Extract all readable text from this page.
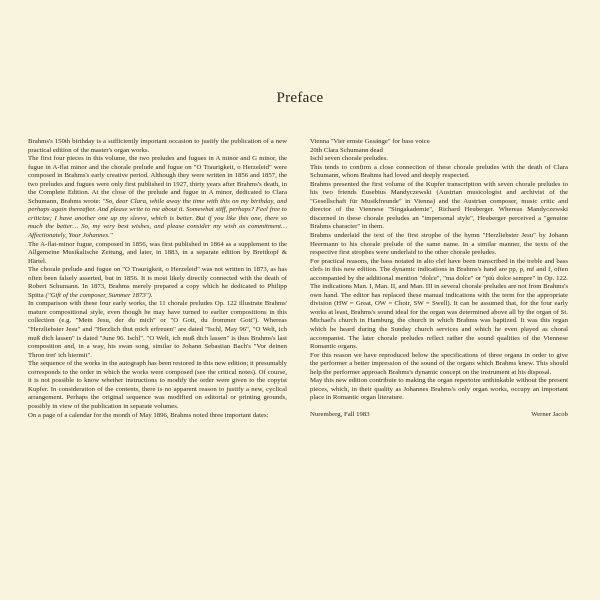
Preface

Brahms's 150th birthday is a sufficiently important occasion to justify the publication of a new practical edition of the master's organ works.

The first four pieces in this volume, the two preludes and fugues in A minor and G minor, the fugue in A-flat minor and the chorale prelude and fugue on "O Traurigkeit, o Herzeleid" were composed in Brahms's early creative period. Although they were written in 1856 and 1857, the two preludes and fugues were only first published in 1927, thirty years after Brahms's death, in the Complete Edition. At the close of the prelude and fugue in A minor, dedicated to Clara Schumann, Brahms wrote: "So, dear Clara, while away the time with this on my birthday, and perhaps again thereafter. And please write to me about it. Somewhat stiff, perhaps? Feel free to criticize; I have another one up my sleeve, which is better. But if you like this one, there so much the better… So, my very best wishes, and please consider my wish as commitment… Affectionately, Your Johannes."

The A-flat-minor fugue, composed in 1856, was first published in 1864 as a supplement to the Allgemeine Musikalische Zeitung, and later, in 1883, in a separate edition by Breitkopf & Härtel.

The chorale prelude and fugue on "O Traurigkeit, o Herzeleid" was not written in 1873, as has often been falsely asserted, but in 1856. It is most likely directly connected with the death of Robert Schumann. In 1873, Brahms merely prepared a copy which he dedicated to Philipp Spitta ("Gift of the composer, Summer 1873").

In comparison with these four early works, the 11 chorale preludes Op. 122 illustrate Brahms' mature compositional style, even though he may have turned to earlier compositions in this collection (e.g. "Mein Jesu, der du mich" or "O Gott, du frommer Gott"). Whereas "Herzliebster Jesu" and "Herzlich thut mich erfreuen" are dated "Ischl, May 96", "O Welt, ich muß dich lassen" is dated "June 96. Ischl". "O Welt, ich muß dich lassen" is thus Brahms's last composition and, in a way, his swan song, similar to Johann Sebastian Bach's "Vor deinen Thron tret' ich hiermit".

The sequence of the works in the autograph has been restored in this new edition; it presumably corresponds to the order in which the works were composed (see the critical notes). Of course, it is not possible to know whether instructions to modify the order were given to the copyist Kupfer. In consideration of the contents, there is no apparent reason to justify a new, cyclical arrangement. Perhaps the original sequence was modified on editorial or printing grounds, possibly in view of the publication in separate volumes.

On a page of a calendar for the month of May 1896, Brahms noted three important dates:

Vienna "Vier ernste Gesänge" for bass voice

20th Clara Schumann dead

Ischl seven chorale preludes.

This tends to confirm a close connection of these chorale preludes with the death of Clara Schumann, whom Brahms had loved and deeply respected.

Brahms presented the first volume of the Kupfer transcription with seven chorale preludes to his two friends Eusebius Mandyczewski (Austrian musicologist and archivist of the "Gesellschaft für Musikfreunde" in Vienna) and the Austrian composer, music critic and director of the Viennese "Singakademie", Richard Heuberger. Whereas Mandyczewski discerned in these chorale preludes an "impersonal style", Heuberger perceived a "genuine Brahms character" in them.

Brahms underlaid the text of the first strophe of the hymn "Herzliebster Jesu" by Johann Heermann to his chorale prelude of the same name. In a similar manner, the texts of the respective first strophes were underlaid to the other chorale preludes.

For practical reasons, the bass notated in alto clef have been transcribed in the treble and bass clefs in this new edition. The dynamic indications in Brahms's hand are pp, p, mf and f, often accompanied by the additional mention "dolce", "ma dolce" or "più dolce sempre" in Op. 122. The indications Man. I, Man. II, and Man. III in several chorale preludes are not from Brahms's own hand. The editor has replaced these manual indications with the term for the appropriate division (HW = Great, OW = Choir, SW = Swell). It can be assumed that, for the four early works at least, Brahms's sound ideal for the organ was determined above all by the organ of St. Michael's church in Hamburg, the church in which Brahms was baptized. It was this organ which he heard during the Sunday church services and which he even played as choral accompanist. The later chorale preludes reflect rather the sound qualities of the Viennese Romantic organs.

For this reason we have reproduced below the specifications of three organs in order to give the performer a better impression of the sound of the organs which Brahms knew. This should help the performer approach Brahms's dynamic concept on the instrument at his disposal.

May this new edition contribute to making the organ repertoire unthinkable without the present pieces, which, in their quality as Johannes Brahms's only organ works, occupy an important place in Romantic organ literature.

Nuremberg, Fall 1983	Werner Jacob
